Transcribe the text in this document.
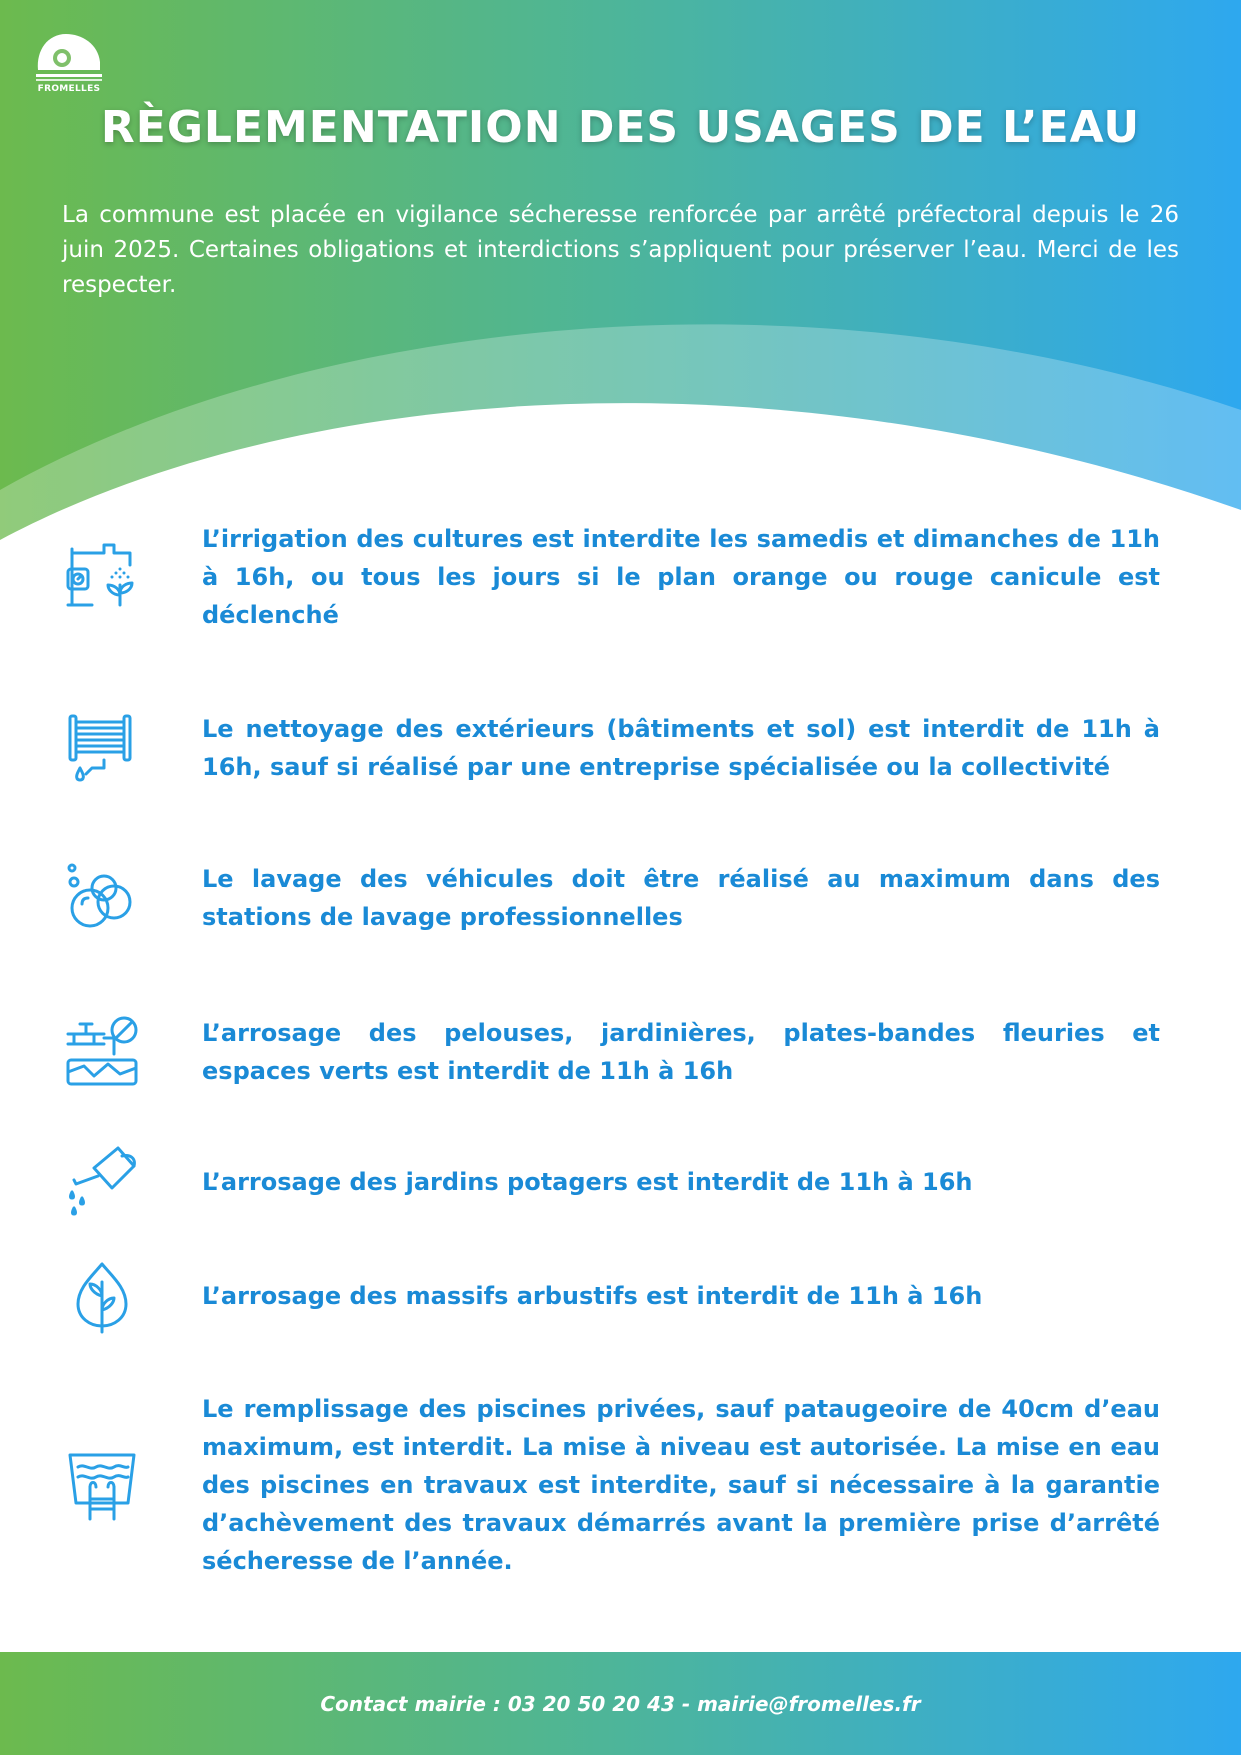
FROMELLES
RÈGLEMENTATION DES USAGES DE L’EAU
La commune est placée en vigilance sécheresse renforcée par arrêté préfectoral depuis le 26 juin 2025. Certaines obligations et interdictions s’appliquent pour préserver l’eau. Merci de les respecter.
L’irrigation des cultures est interdite les samedis et dimanches de 11h à 16h, ou tous les jours si le plan orange ou rouge canicule est déclenché
Le nettoyage des extérieurs (bâtiments et sol) est interdit de 11h à 16h, sauf si réalisé par une entreprise spécialisée ou la collectivité
Le lavage des véhicules doit être réalisé au maximum dans des stations de lavage professionnelles
L’arrosage des pelouses, jardinières, plates-bandes fleuries et espaces verts est interdit de 11h à 16h
L’arrosage des jardins potagers est interdit de 11h à 16h
L’arrosage des massifs arbustifs est interdit de 11h à 16h
Le remplissage des piscines privées, sauf pataugeoire de 40cm d’eau maximum, est interdit. La mise à niveau est autorisée. La mise en eau des piscines en travaux est interdite, sauf si nécessaire à la garantie d’achèvement des travaux démarrés avant la première prise d’arrêté sécheresse de l’année.
Contact mairie : 03 20 50 20 43 - mairie@fromelles.fr
